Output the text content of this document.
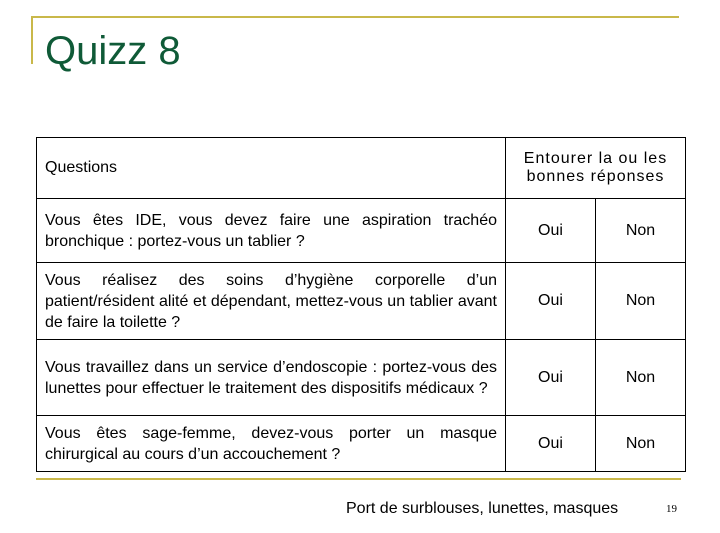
Quizz 8
Questions	Entourer la ou les bonnes réponses	
Vous êtes IDE, vous devez faire une aspiration trachéo bronchique : portez-vous un tablier ?	Oui	Non
Vous réalisez des soins d’hygiène corporelle d’un patient/résident alité et dépendant, mettez-vous un tablier avant de faire la toilette ?	Oui	Non
Vous travaillez dans un service d’endoscopie : portez-vous des lunettes pour effectuer le traitement des dispositifs médicaux ?	Oui	Non
Vous êtes sage-femme, devez-vous porter un masque chirurgical au cours d’un accouchement ?	Oui	Non
Port de surblouses, lunettes, masques	19
